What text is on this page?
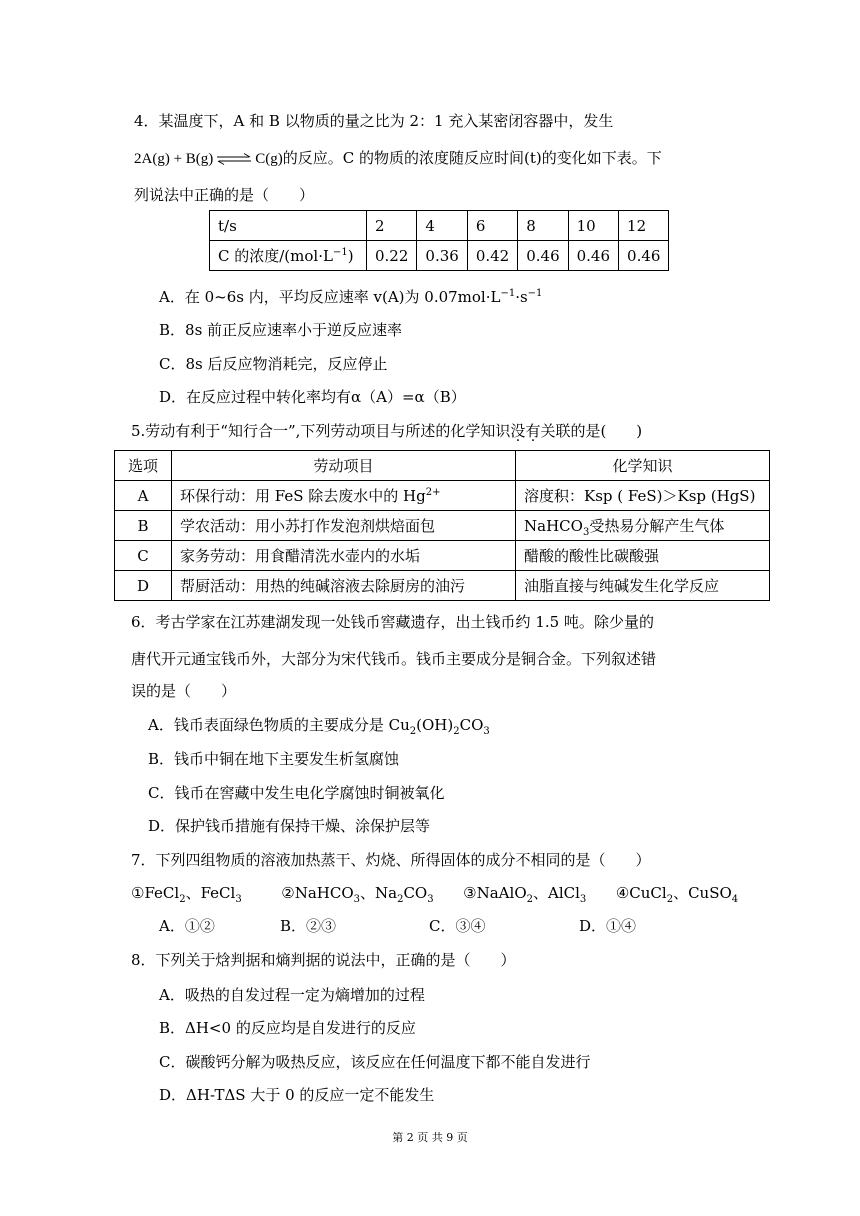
4．某温度下，A 和 B 以物质的量之比为 2：1 充入某密闭容器中，发生
2A(g) + B(g) ⇌ C(g)的反应。C 的物质的浓度随反应时间(t)的变化如下表。下
列说法中正确的是（　　）
t/s	2	4	6	8	10	12
C 的浓度$/(mol\cdot L^{-1})$	0.22	0.36	0.42	0.46	0.46	0.46
A．在 0~6s 内，平均反应速率 v(A)为 $0.07mol\cdot L^{-1}\cdot s^{-1}$
B．8s 前正反应速率小于逆反应速率
C．8s 后反应物消耗完，反应停止
D．在反应过程中转化率均有α（A）=α（B）
5.劳动有利于“知行合一”,下列劳动项目与所述的化学知识没有关联的是(　　)
选项	劳动项目	化学知识
A	环保行动：用 FeS 除去废水中的 $Hg^{2+}$	溶度积：Ksp ( FeS)＞Ksp (HgS)
B	学农活动：用小苏打作发泡剂烘焙面包	NaHCO$_3$受热易分解产生气体
C	家务劳动：用食醋清洗水壶内的水垢	醋酸的酸性比碳酸强
D	帮厨活动：用热的纯碱溶液去除厨房的油污	油脂直接与纯碱发生化学反应
6．考古学家在江苏建湖发现一处钱币窖藏遗存，出土钱币约 1.5 吨。除少量的
唐代开元通宝钱币外，大部分为宋代钱币。钱币主要成分是铜合金。下列叙述错
误的是（　　）
A．钱币表面绿色物质的主要成分是 $Cu_2(OH)_2CO_3$
B．钱币中铜在地下主要发生析氢腐蚀
C．钱币在窖藏中发生电化学腐蚀时铜被氧化
D．保护钱币措施有保持干燥、涂保护层等
7．下列四组物质的溶液加热蒸干、灼烧、所得固体的成分不相同的是（　　）
①FeCl$_2$、FeCl$_3$	②NaHCO$_3$、$Na_2CO_3$ ③NaAlO$_2$、AlCl$_3$ ④CuCl$_2$、CuSO$_4$
A．①②	B．②③	C．③④	D．①④
8．下列关于焓判据和熵判据的说法中，正确的是（　　）
A．吸热的自发过程一定为熵增加的过程
B．ΔH<0 的反应均是自发进行的反应
C．碳酸钙分解为吸热反应，该反应在任何温度下都不能自发进行
D．ΔH-TΔS 大于 0 的反应一定不能发生
第 2 页 共 9 页
